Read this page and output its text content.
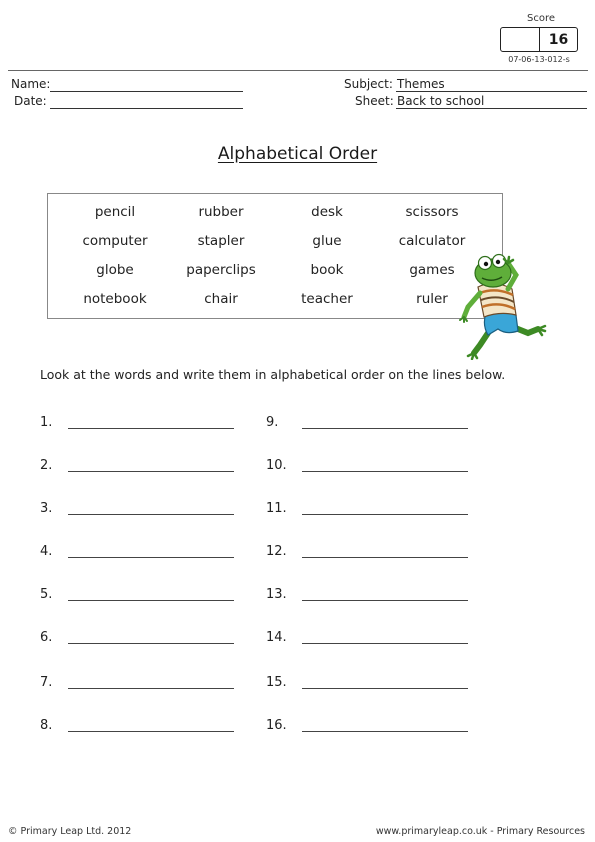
Score
16
07-06-13-012-s
Name:
Date:
Subject: Themes
Sheet: Back to school
Alphabetical Order
pencil	rubber	desk	scissors
computer	stapler	glue	calculator
globe	paperclips	book	games
notebook	chair	teacher	ruler
Look at the words and write them in alphabetical order on the lines below.
1.
2.
3.
4.
5.
6.
7.
8.
9.
10.
11.
12.
13.
14.
15.
16.
© Primary Leap Ltd. 2012	www.primaryleap.co.uk - Primary Resources
